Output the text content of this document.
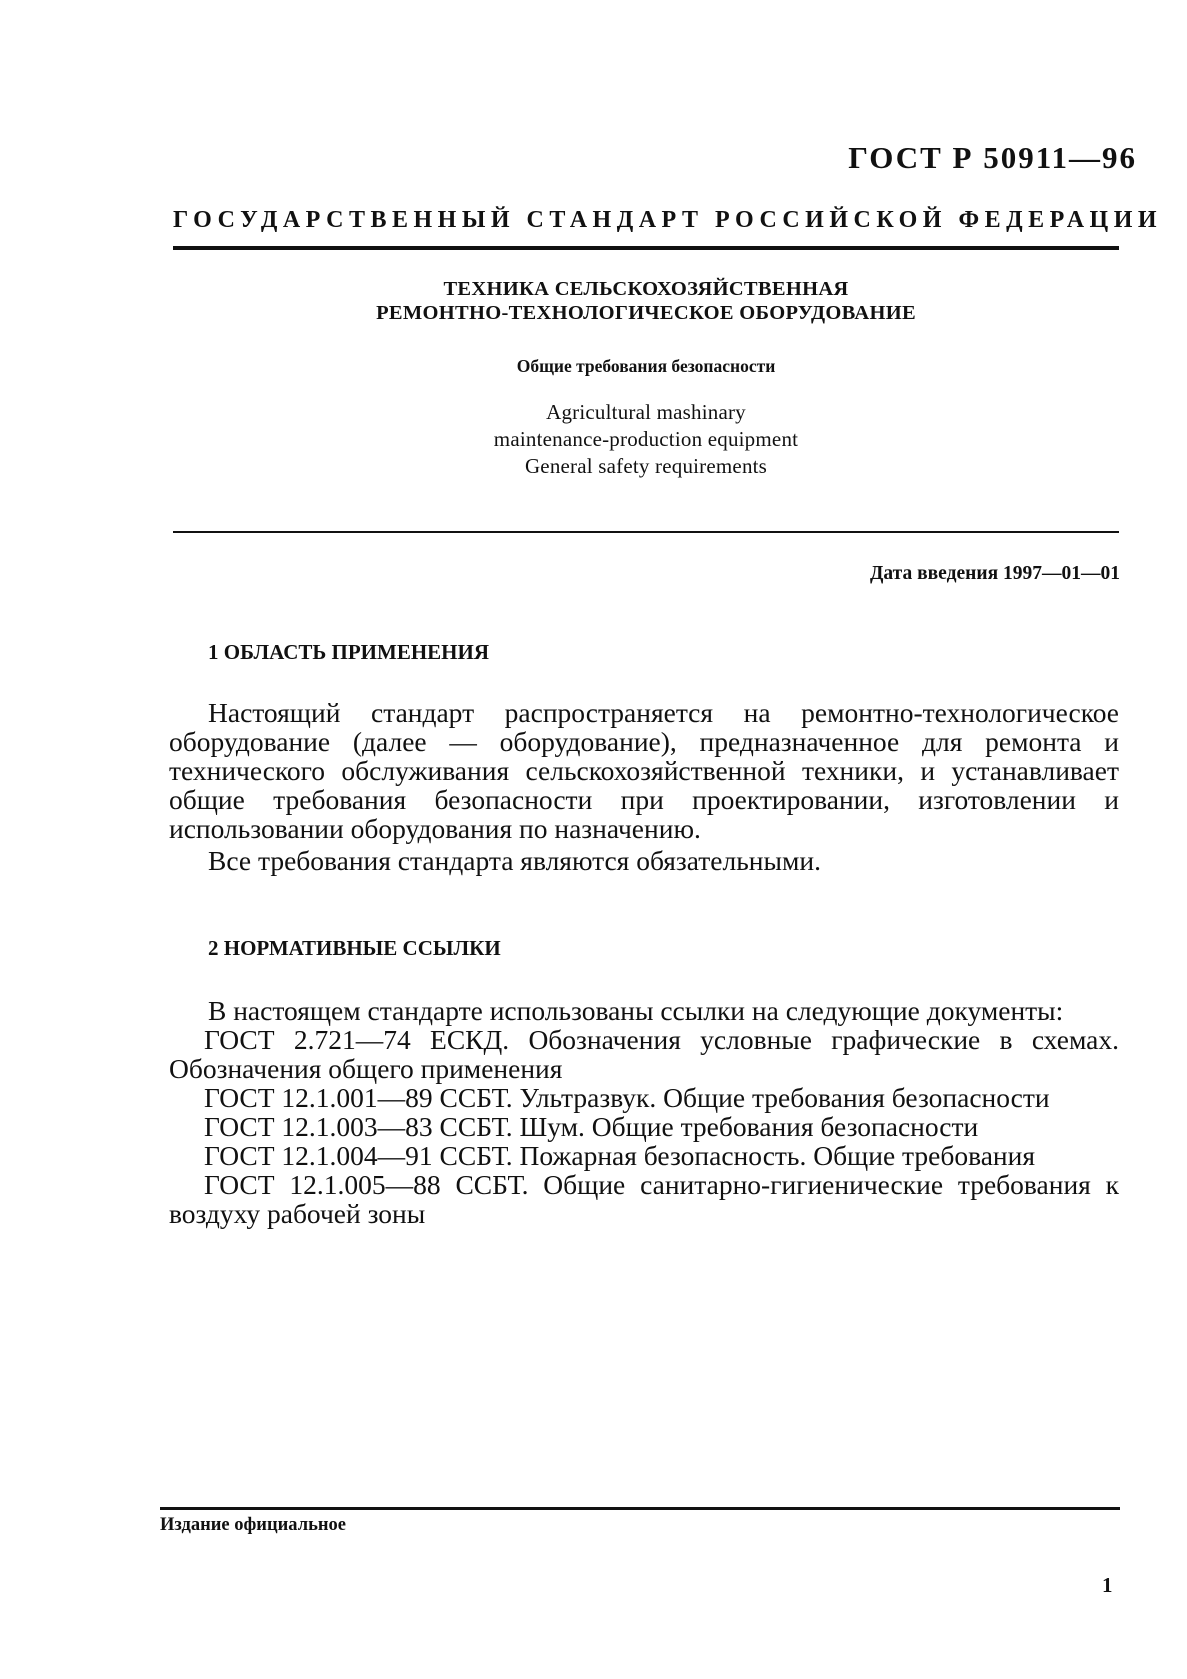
ГОСТ Р 50911—96
ГОСУДАРСТВЕННЫЙ СТАНДАРТ РОССИЙСКОЙ ФЕДЕРАЦИИ
ТЕХНИКА СЕЛЬСКОХОЗЯЙСТВЕННАЯ
РЕМОНТНО-ТЕХНОЛОГИЧЕСКОЕ ОБОРУДОВАНИЕ
Общие требования безопасности
Agricultural mashinary
maintenance-production equipment
General safety requirements
Дата введения 1997—01—01
1 ОБЛАСТЬ ПРИМЕНЕНИЯ

Настоящий стандарт распространяется на ремонтно-технологическое оборудование (далее — оборудование), предназначенное для ремонта и технического обслуживания сельскохозяйственной техники, и устанавливает общие требования безопасности при проектировании, изготовлении и использовании оборудования по назначению.

Все требования стандарта являются обязательными.

2 НОРМАТИВНЫЕ ССЫЛКИ

В настоящем стандарте использованы ссылки на следующие документы:

ГОСТ 2.721—74 ЕСКД. Обозначения условные графические в схемах. Обозначения общего применения

ГОСТ 12.1.001—89 ССБТ. Ультразвук. Общие требования безопасности

ГОСТ 12.1.003—83 ССБТ. Шум. Общие требования безопасности

ГОСТ 12.1.004—91 ССБТ. Пожарная безопасность. Общие требования

ГОСТ 12.1.005—88 ССБТ. Общие санитарно-гигиенические требования к воздуху рабочей зоны

Издание официальное
1
